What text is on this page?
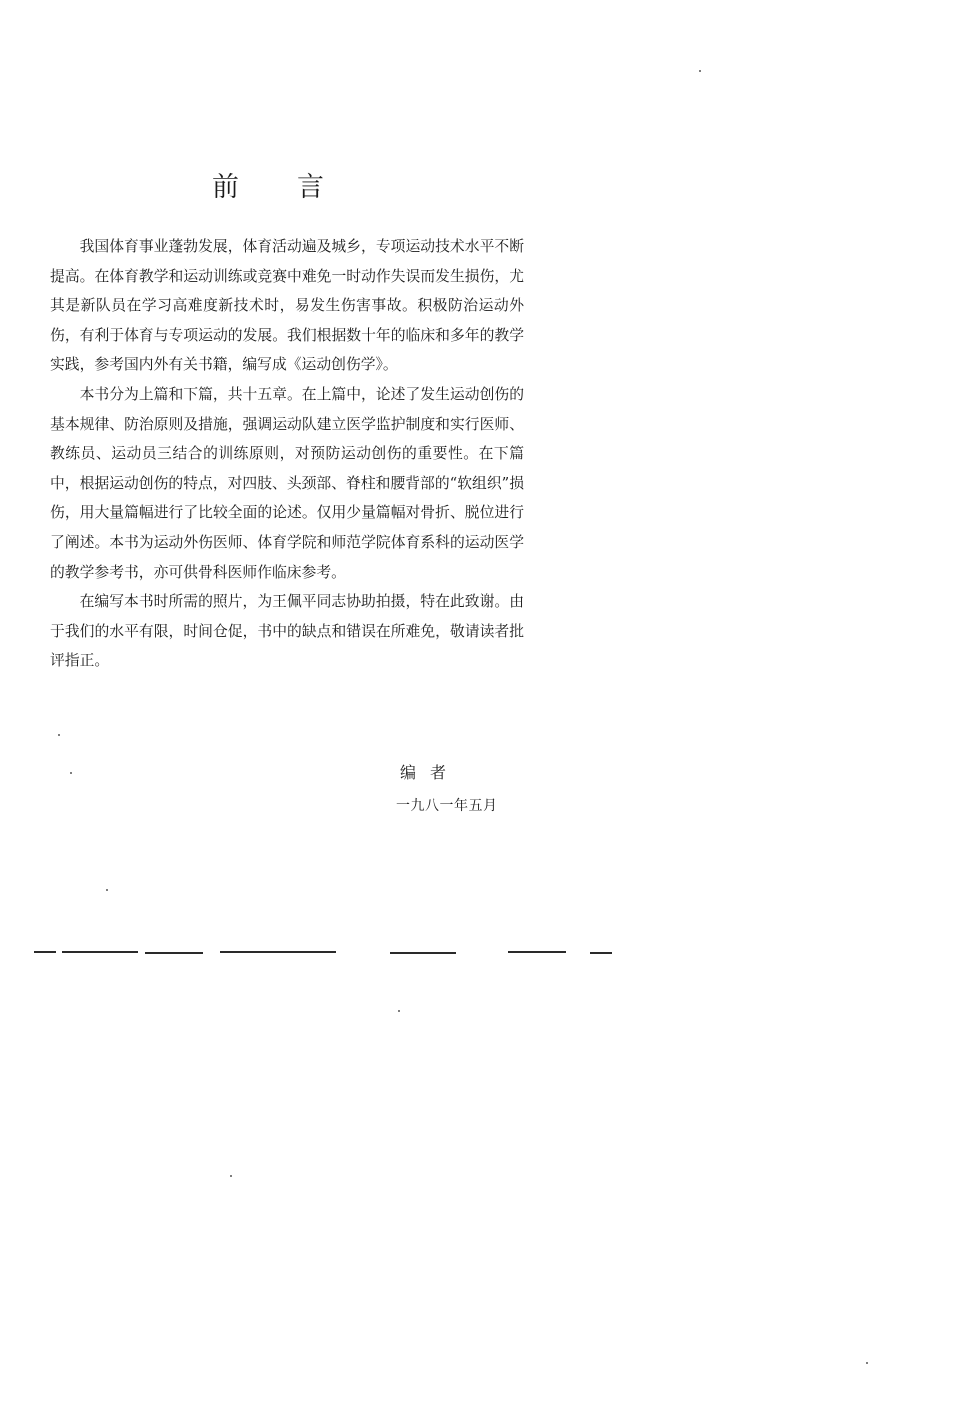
前言

我国体育事业蓬勃发展，体育活动遍及城乡，专项运动技术水平不断提高。在体育教学和运动训练或竞赛中难免一时动作失误而发生损伤，尤其是新队员在学习高难度新技术时，易发生伤害事故。积极防治运动外伤，有利于体育与专项运动的发展。我们根据数十年的临床和多年的教学实践，参考国内外有关书籍，编写成《运动创伤学》。

本书分为上篇和下篇，共十五章。在上篇中，论述了发生运动创伤的基本规律、防治原则及措施，强调运动队建立医学监护制度和实行医师、教练员、运动员三结合的训练原则，对预防运动创伤的重要性。在下篇中，根据运动创伤的特点，对四肢、头颈部、脊柱和腰背部的“软组织”损伤，用大量篇幅进行了比较全面的论述。仅用少量篇幅对骨折、脱位进行了阐述。本书为运动外伤医师、体育学院和师范学院体育系科的运动医学的教学参考书，亦可供骨科医师作临床参考。

在编写本书时所需的照片，为王佩平同志协助拍摄，特在此致谢。由于我们的水平有限，时间仓促，书中的缺点和错误在所难免，敬请读者批评指正。

编者
一九八一年五月
